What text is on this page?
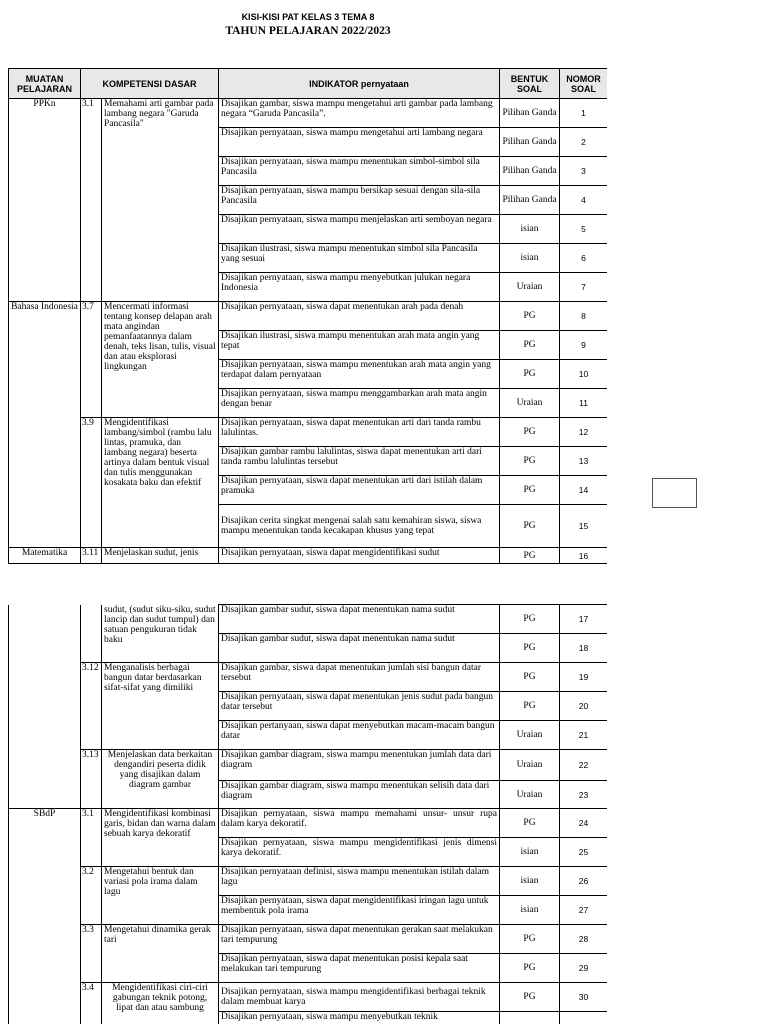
KISI-KISI PAT KELAS 3 TEMA 8
TAHUN PELAJARAN 2022/2023
MUATAN PELAJARAN	KOMPETENSI DASAR		INDIKATOR pernyataan	BENTUK SOAL	NOMOR SOAL
PPKn	3.1	Memahami arti gambar pada lambang negara "Garuda Pancasila"	Disajikan gambar, siswa mampu mengetahui arti gambar pada lambang negara “Garuda Pancasila”.	Pilihan Ganda	1
			Disajikan pernyataan, siswa mampu mengetahui arti lambang negara	Pilihan Ganda	2
			Disajikan pernyataan, siswa mampu menentukan simbol-simbol sila Pancasila	Pilihan Ganda	3
			Disajikan pernyataan, siswa mampu bersikap sesuai dengan sila-sila Pancasila	Pilihan Ganda	4
			Disajikan pernyataan, siswa mampu menjelaskan arti semboyan negara	isian	5
			Disajikan ilustrasi, siswa mampu menentukan simbol sila Pancasila yang sesuai	isian	6
			Disajikan pernyataan, siswa mampu menyebutkan julukan negara Indonesia	Uraian	7
Bahasa Indonesia	3.7	Mencermati informasi tentang konsep delapan arah mata angindan pemanfaatannya dalam denah, teks lisan, tulis, visual dan atau eksplorasi lingkungan	Disajikan pernyataan, siswa dapat menentukan arah pada denah	PG	8
			Disajikan ilustrasi, siswa mampu menentukan arah mata angin yang tepat	PG	9
			Disajikan pernyataan, siswa mampu menentukan arah mata angin yang terdapat dalam pernyataan	PG	10
			Disajikan pernyataan, siswa mampu menggambarkan arah mata angin dengan benar	Uraian	11
	3.9	Mengidentifikasi lambang/simbol (rambu lalu lintas, pramuka, dan lambang negara) beserta artinya dalam bentuk visual dan tulis menggunakan kosakata baku dan efektif	Disajikan pernyataan, siswa dapat menentukan arti dari tanda rambu lalulintas.	PG	12
			Disajikan gambar rambu lalulintas, siswa dapat menentukan arti dari tanda rambu lalulintas tersebut	PG	13
			Disajikan pernyataan, siswa dapat menentukan arti dari istilah dalam pramuka	PG	14
			Disajikan cerita singkat mengenai salah satu kemahiran siswa, siswa mampu menentukan tanda kecakapan khusus yang tepat	PG	15
Matematika	3.11	Menjelaskan sudut, jenis	Disajikan pernyataan, siswa dapat mengidentifikasi sudut	PG	16
		sudut, (sudut siku-siku, sudut lancip dan sudut tumpul) dan satuan pengukuran tidak baku	Disajikan gambar sudut, siswa dapat menentukan nama sudut	PG	17
			Disajikan gambar sudut, siswa dapat menentukan nama sudut	PG	18
	3.12	Menganalisis berbagai bangun datar berdasarkan sifat-sifat yang dimiliki	Disajikan gambar, siswa dapat menentukan jumlah sisi bangun datar tersebut	PG	19
			Disajikan pernyataan, siswa dapat menentukan jenis sudut pada bangun datar tersebut	PG	20
			Disajikan pertanyaan, siswa dapat menyebutkan macam-macam bangun datar	Uraian	21
	3.13	Menjelaskan data berkaitan dengandiri peserta didik yang disajikan dalam diagram gambar	Disajikan gambar diagram, siswa mampu menentukan jumlah data dari diagram	Uraian	22
			Disajikan gambar diagram, siswa mampu menentukan selisih data dari diagram	Uraian	23
SBdP	3.1	Mengidentifikasi kombinasi garis, bidan dan warna dalam sebuah karya dekoratif	Disajikan pernyataan, siswa mampu memahami unsur- unsur rupa dalam karya dekoratif.	PG	24
			Disajikan pernyataan, siswa mampu mengidentifikasi jenis dimensi karya dekoratif.	isian	25
	3.2	Mengetahui bentuk dan variasi pola irama dalam lagu	Disajikan pernyataan definisi, siswa mampu menentukan istilah dalam lagu	isian	26
			Disajikan pernyataan, siswa dapat mengidentifikasi iringan lagu untuk membentuk pola irama	isian	27
	3.3	Mengetahui dinamika gerak tari	Disajikan pernyataan, siswa dapat menentukan gerakan saat melakukan tari tempurung	PG	28
			Disajikan pernyataan, siswa dapat menentukan posisi kepala saat melakukan tari tempurung	PG	29
	3.4	Mengidentifikasi ciri-ciri gabungan teknik potong, lipat dan atau sambung	Disajikan pernyataan, siswa mampu mengidentifikasi berbagai teknik dalam membuat karya	PG	30
			Disajikan pernyataan, siswa mampu menyebutkan teknik		
